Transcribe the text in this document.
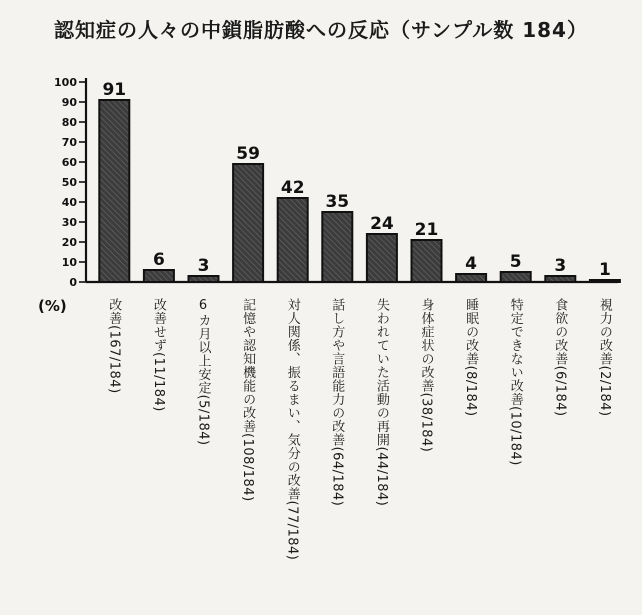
認知症の人々の中鎖脂肪酸への反応（サンプル数 184）
0
10
20
30
40
50
60
70
80
90
100 91
6 3
59
42
35
24 21
4 5 3 1
(%)	改善(167/184) 改善せず(11/184) 6カ月以上安定(5/184) 記憶や認知機能の改善(108/184) 対人関係、振るまい、気分の改善(77/184)
話し方や言語能力の改善(64/184)
失われていた活動の再開(44/184)
身体症状の改善(38/184)
睡眠の改善(8/184) 特定できない改善(10/184)
食欲の改善(6/184)
視力の改善(2/184)
